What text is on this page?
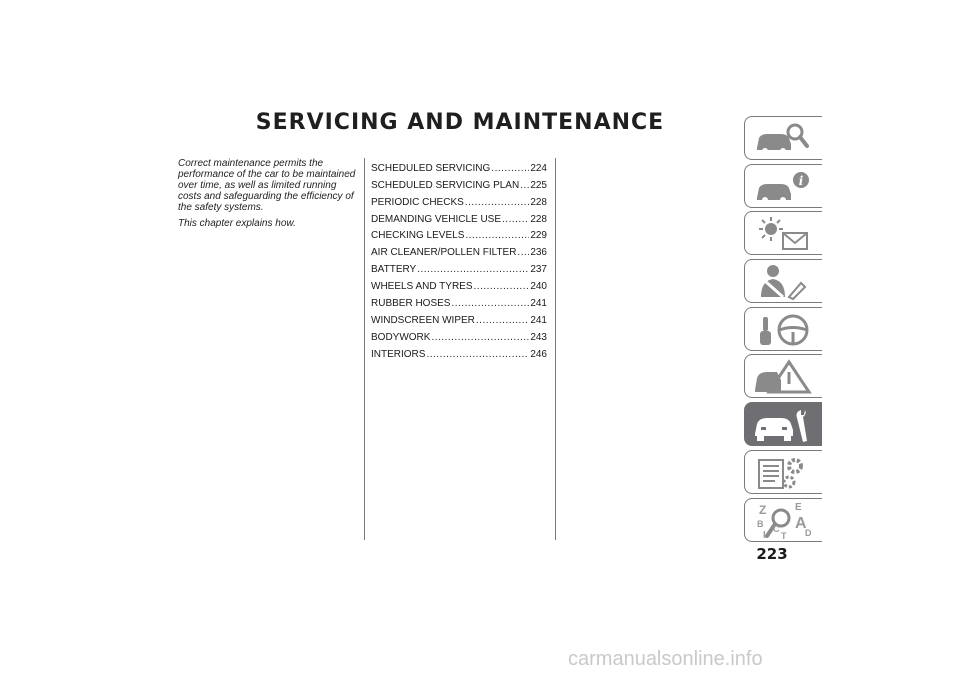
SERVICING AND MAINTENANCE

Correct maintenance permits the performance of the car to be maintained over time, as well as limited running costs and safeguarding the efficiency of the safety systems.

This chapter explains how.

SCHEDULED SERVICING .....	224
SCHEDULED SERVICING PLAN ..... 225
PERIODIC CHECKS .....	228
DEMANDING VEHICLE USE .....	228
CHECKING LEVELS .....	229
AIR CLEANER/POLLEN FILTER ..... 236
BATTERY .....	237
WHEELS AND TYRES .....	240
RUBBER HOSES .....	241
WINDSCREEN WIPER .....	241
BODYWORK .....	243
INTERIORS .....	246
i
Z	E
B A
C	D
I T
223
carmanualsonline.info
